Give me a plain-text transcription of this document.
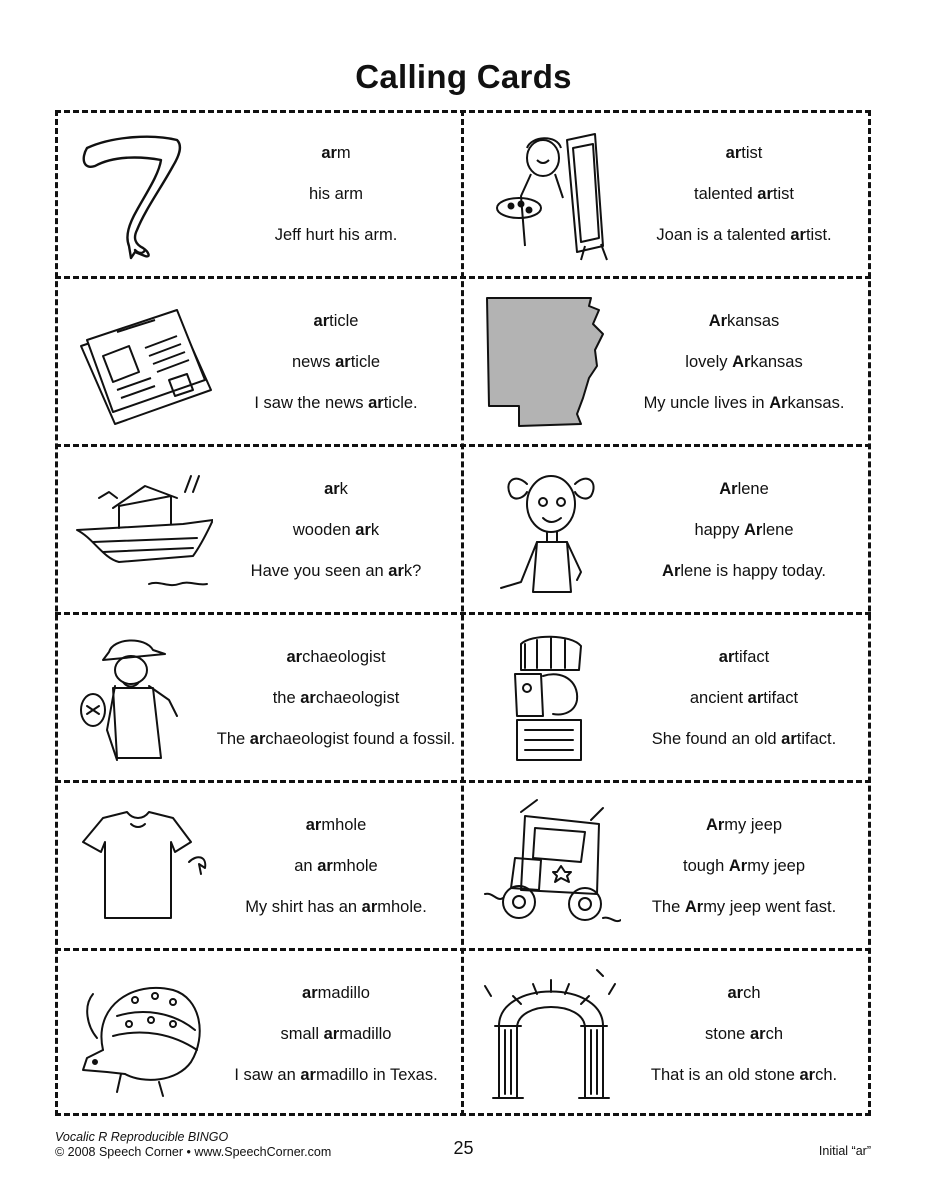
Calling Cards
arm
his arm
Jeff hurt his arm.
artist
talented artist
Joan is a talented artist.
article
news article
I saw the news article.
Arkansas
lovely Arkansas
My uncle lives in Arkansas.
ark
wooden ark
Have you seen an ark?
Arlene
happy Arlene
Arlene is happy today.
archaeologist
the archaeologist
The archaeologist found a fossil.
artifact
ancient artifact
She found an old artifact.
armhole
an armhole
My shirt has an armhole.
Army jeep
tough Army jeep
The Army jeep went fast.
armadillo
small armadillo
I saw an armadillo in Texas.
arch
stone arch
That is an old stone arch.
Vocalic R Reproducible BINGO
© 2008 Speech Corner • www.SpeechCorner.com	25	Initial “ar”
